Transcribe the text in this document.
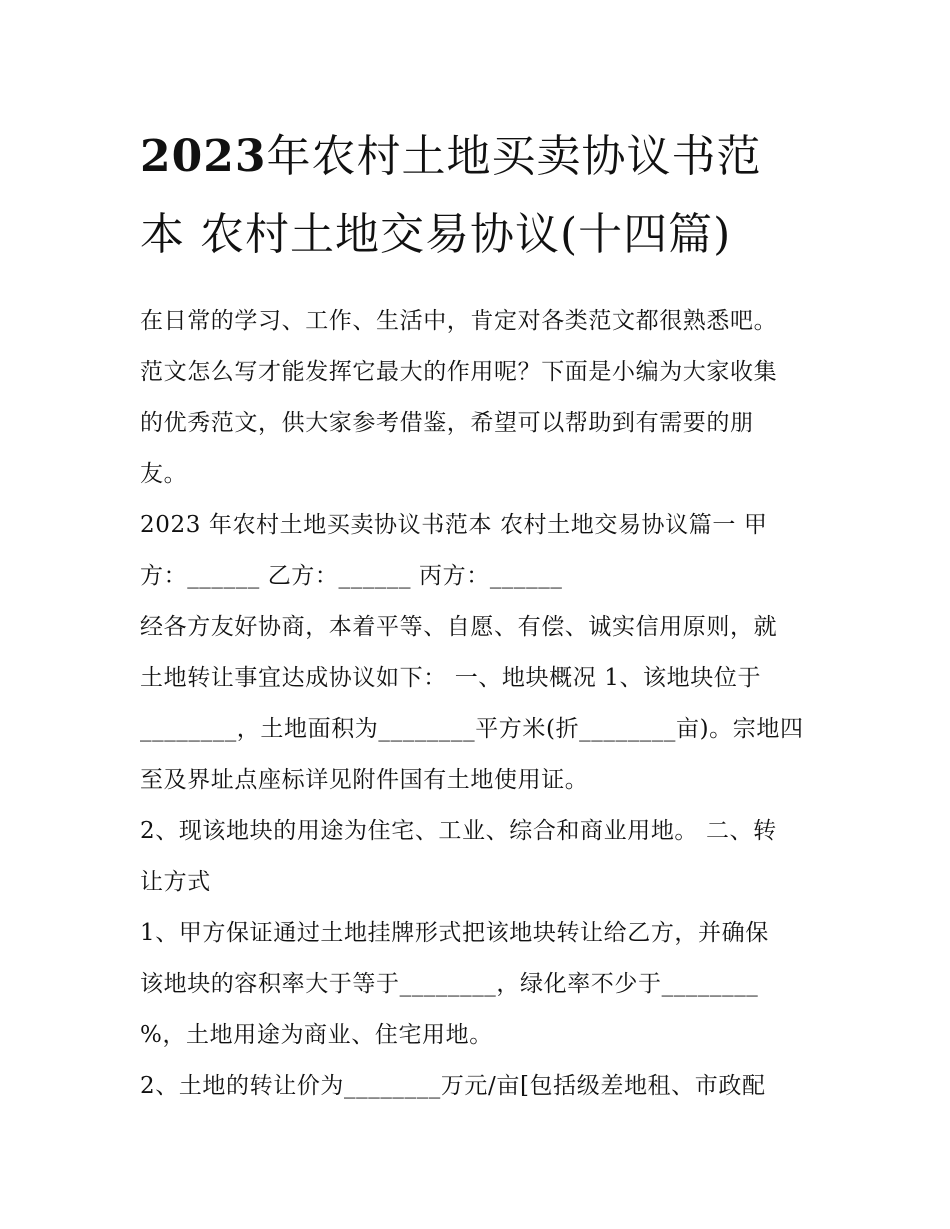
2023年农村土地买卖协议书范
本 农村土地交易协议(十四篇)
在日常的学习、工作、生活中，肯定对各类范文都很熟悉吧。
范文怎么写才能发挥它最大的作用呢？下面是小编为大家收集
的优秀范文，供大家参考借鉴，希望可以帮助到有需要的朋
友。
2023 年农村土地买卖协议书范本 农村土地交易协议篇一 甲
方：______ 乙方：______ 丙方：______
经各方友好协商，本着平等、自愿、有偿、诚实信用原则，就
土地转让事宜达成协议如下： 一、地块概况 1、该地块位于
________，土地面积为________平方米(折________亩)。宗地四
至及界址点座标详见附件国有土地使用证。
2、现该地块的用途为住宅、工业、综合和商业用地。 二、转
让方式
1、甲方保证通过土地挂牌形式把该地块转让给乙方，并确保
该地块的容积率大于等于________，绿化率不少于________
%，土地用途为商业、住宅用地。
2、土地的转让价为________万元/亩[包括级差地租、市政配
